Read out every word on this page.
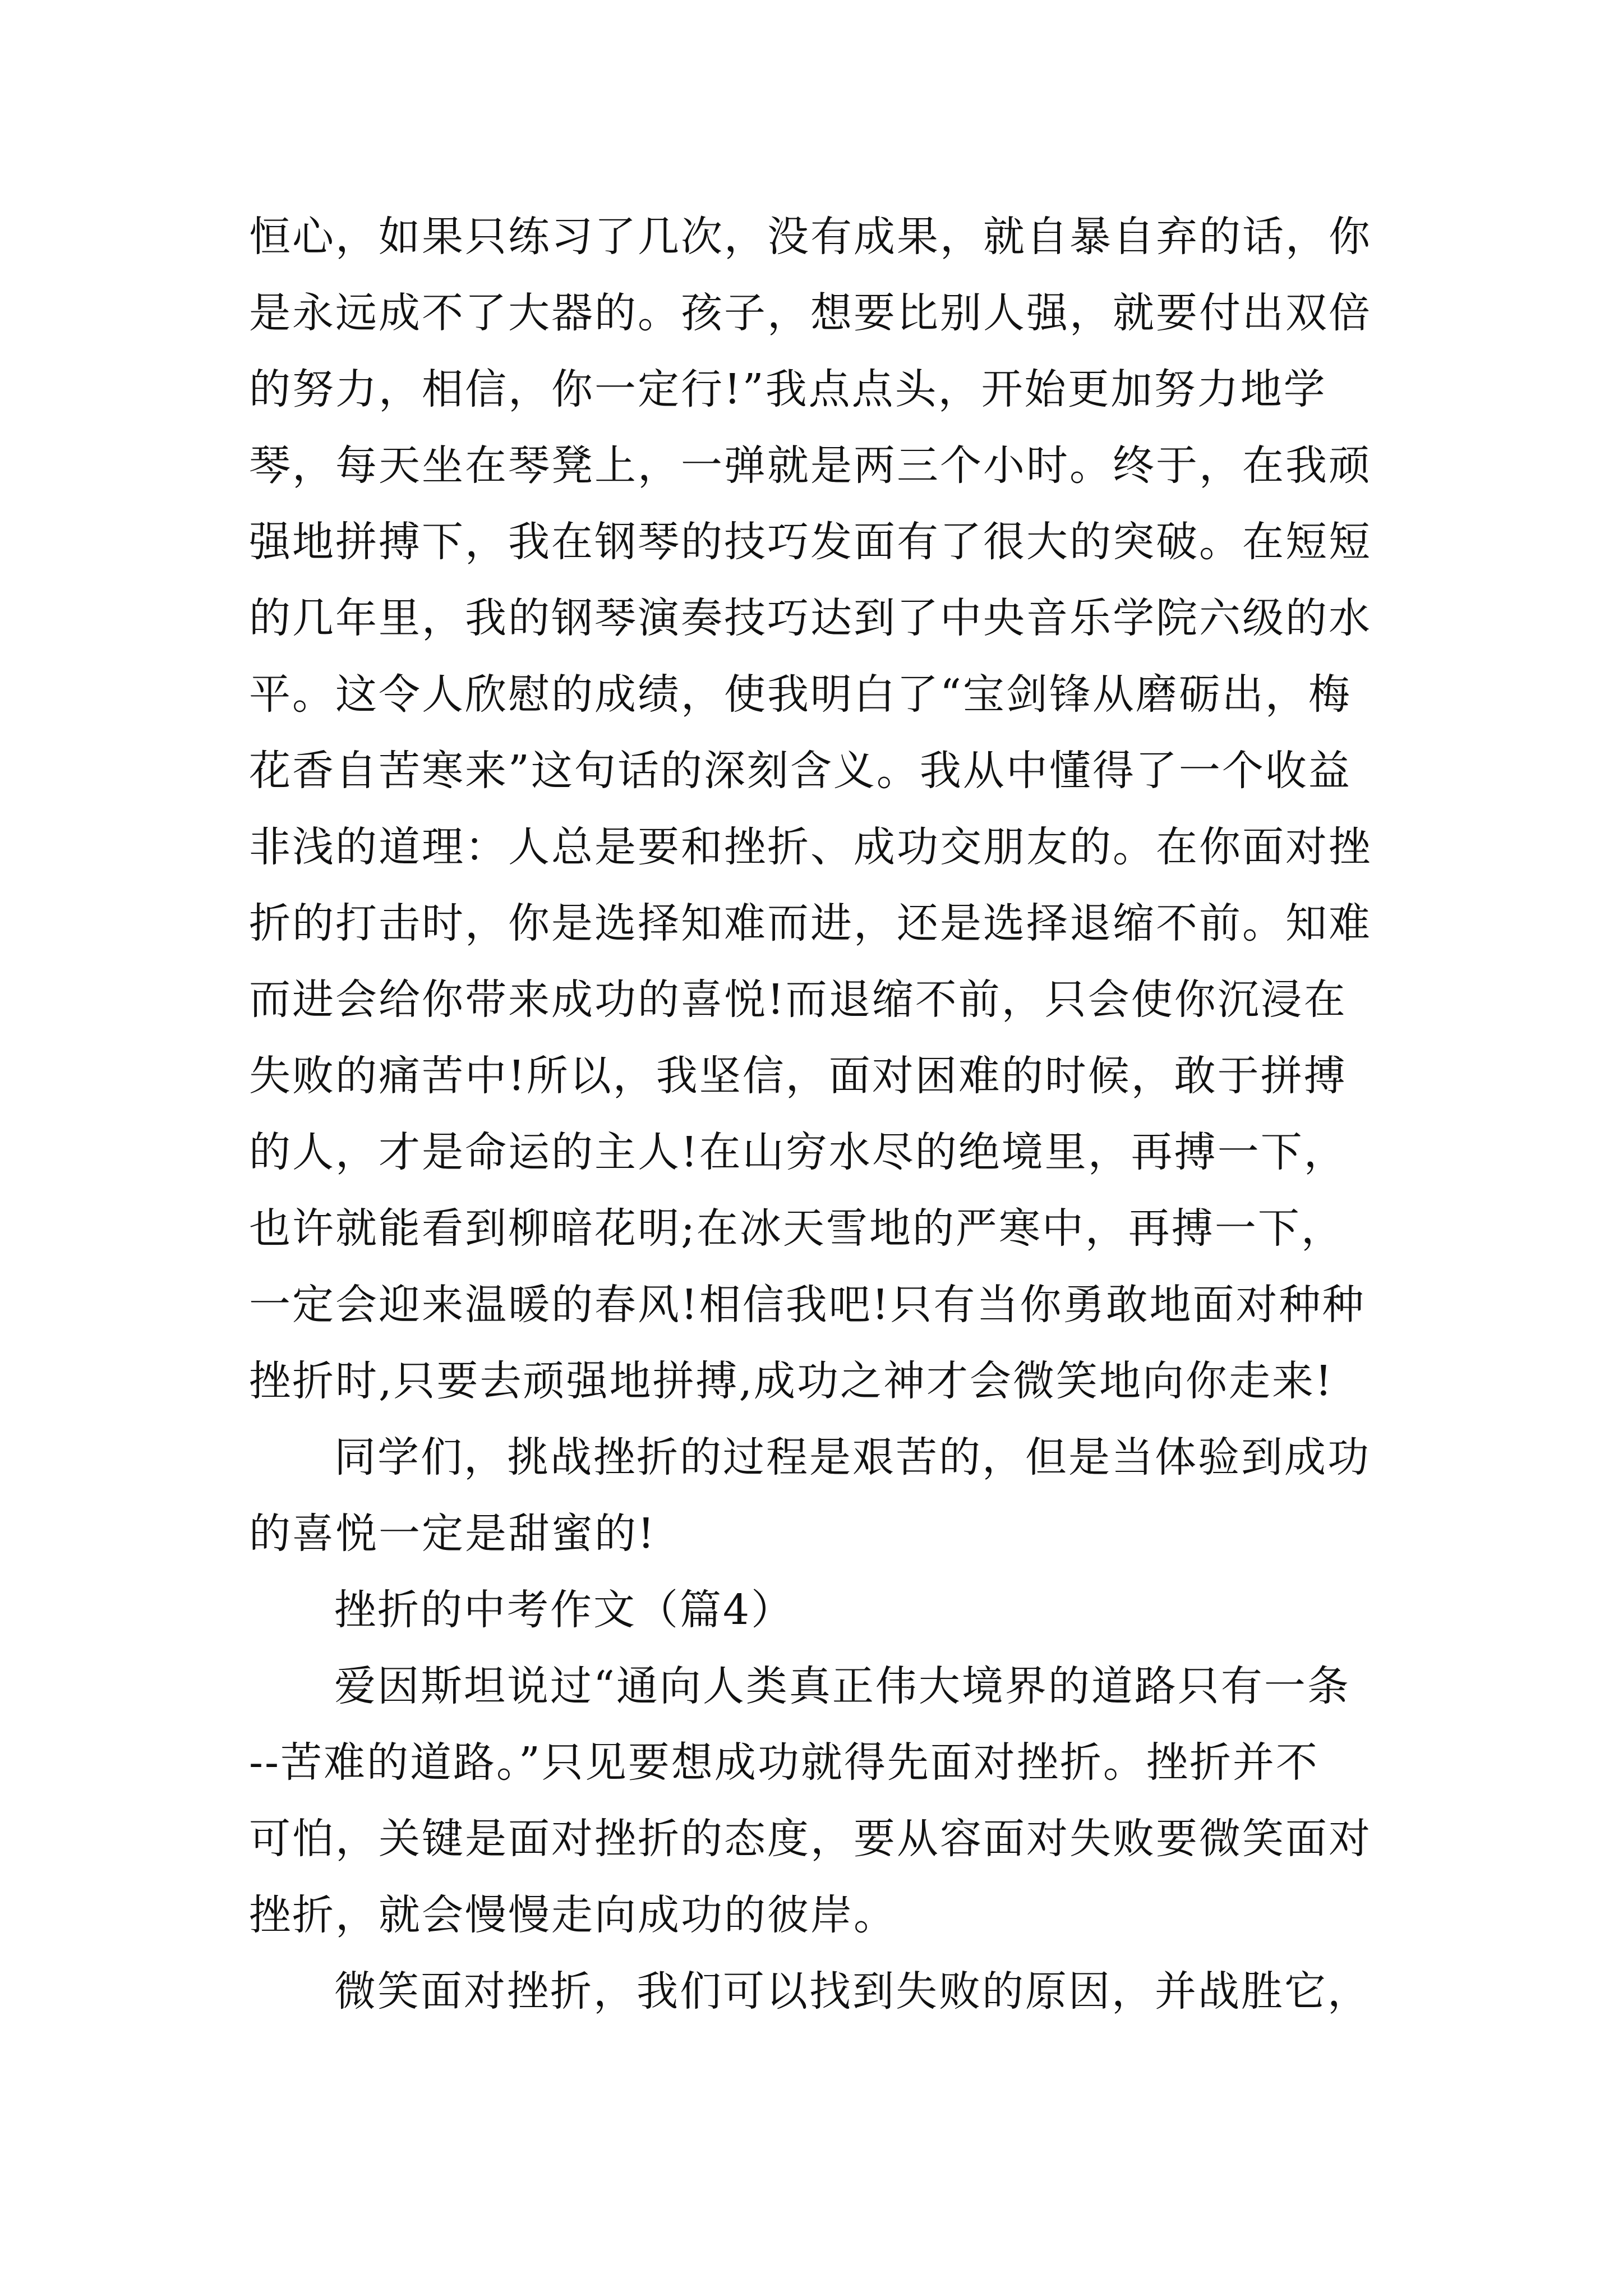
恒心，如果只练习了几次，没有成果，就自暴自弃的话，你
是永远成不了大器的。孩子，想要比别人强，就要付出双倍
的努力，相信，你一定行!”我点点头，开始更加努力地学
琴，每天坐在琴凳上，一弹就是两三个小时。终于，在我顽
强地拼搏下，我在钢琴的技巧发面有了很大的突破。在短短
的几年里，我的钢琴演奏技巧达到了中央音乐学院六级的水
平。这令人欣慰的成绩，使我明白了“宝剑锋从磨砺出，梅
花香自苦寒来”这句话的深刻含义。我从中懂得了一个收益
非浅的道理：人总是要和挫折、成功交朋友的。在你面对挫
折的打击时，你是选择知难而进，还是选择退缩不前。知难
而进会给你带来成功的喜悦!而退缩不前，只会使你沉浸在
失败的痛苦中!所以，我坚信，面对困难的时候，敢于拼搏
的人，才是命运的主人!在山穷水尽的绝境里，再搏一下，
也许就能看到柳暗花明;在冰天雪地的严寒中，再搏一下，
一定会迎来温暖的春风!相信我吧!只有当你勇敢地面对种种
挫折时,只要去顽强地拼搏,成功之神才会微笑地向你走来!
同学们，挑战挫折的过程是艰苦的，但是当体验到成功
的喜悦一定是甜蜜的!
挫折的中考作文（篇4）
爱因斯坦说过“通向人类真正伟大境界的道路只有一条
--苦难的道路。”只见要想成功就得先面对挫折。挫折并不
可怕，关键是面对挫折的态度，要从容面对失败要微笑面对
挫折，就会慢慢走向成功的彼岸。
微笑面对挫折，我们可以找到失败的原因，并战胜它，
